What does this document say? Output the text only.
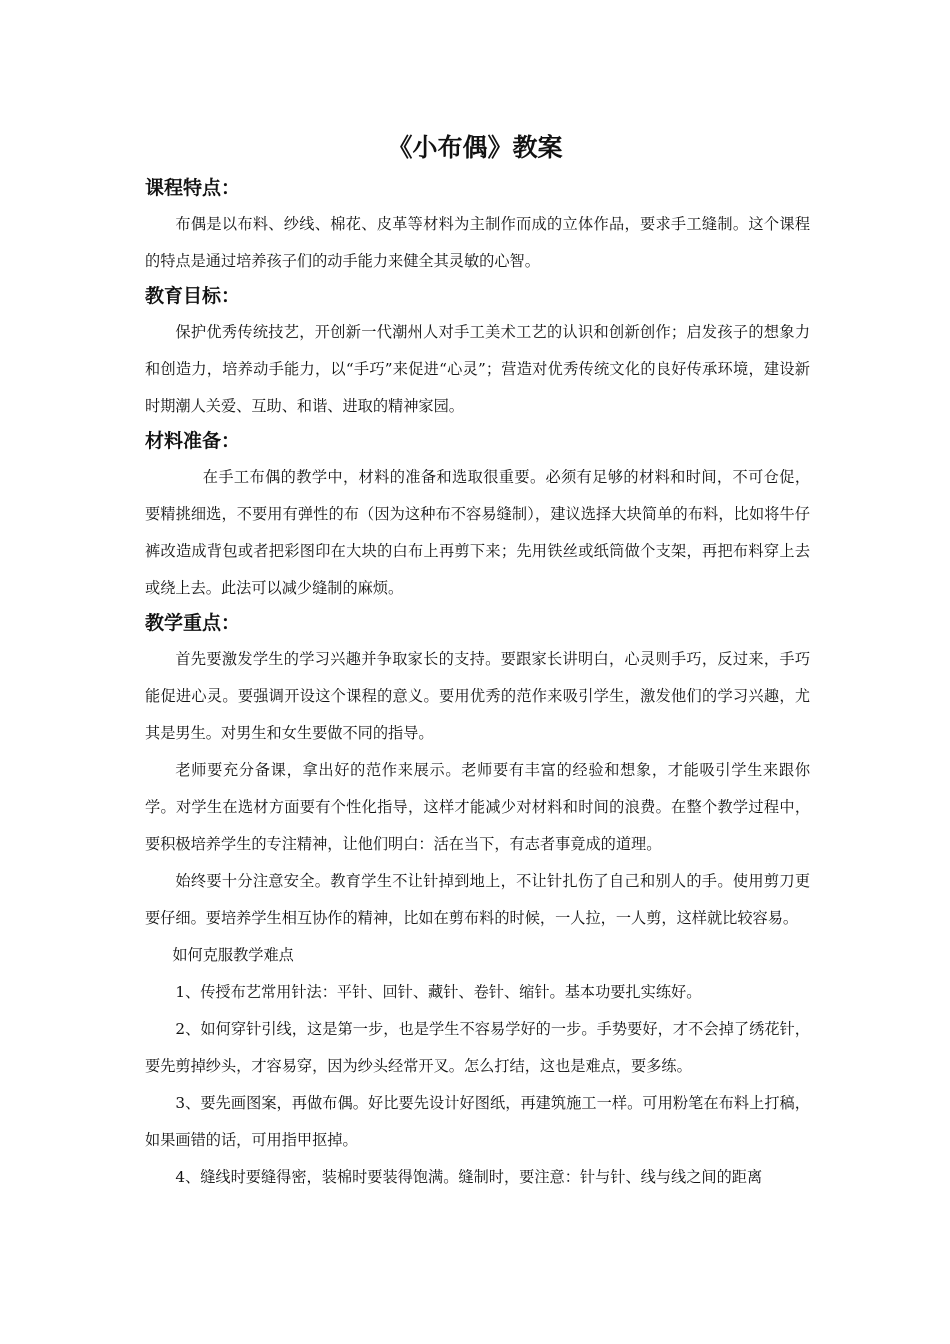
《小布偶》教案
课程特点：

布偶是以布料、纱线、棉花、皮革等材料为主制作而成的立体作品，要求手工缝制。这个课程的特点是通过培养孩子们的动手能力来健全其灵敏的心智。

教育目标：

保护优秀传统技艺，开创新一代潮州人对手工美术工艺的认识和创新创作；启发孩子的想象力和创造力，培养动手能力，以“手巧”来促进“心灵”；营造对优秀传统文化的良好传承环境，建设新时期潮人关爱、互助、和谐、进取的精神家园。

材料准备：

在手工布偶的教学中，材料的准备和选取很重要。必须有足够的材料和时间，不可仓促，要精挑细选，不要用有弹性的布（因为这种布不容易缝制），建议选择大块简单的布料，比如将牛仔裤改造成背包或者把彩图印在大块的白布上再剪下来；先用铁丝或纸筒做个支架，再把布料穿上去或绕上去。此法可以减少缝制的麻烦。

教学重点：

首先要激发学生的学习兴趣并争取家长的支持。要跟家长讲明白，心灵则手巧，反过来，手巧能促进心灵。要强调开设这个课程的意义。要用优秀的范作来吸引学生，激发他们的学习兴趣，尤其是男生。对男生和女生要做不同的指导。

老师要充分备课，拿出好的范作来展示。老师要有丰富的经验和想象，才能吸引学生来跟你学。对学生在选材方面要有个性化指导，这样才能减少对材料和时间的浪费。在整个教学过程中，要积极培养学生的专注精神，让他们明白：活在当下，有志者事竟成的道理。

始终要十分注意安全。教育学生不让针掉到地上，不让针扎伤了自己和别人的手。使用剪刀更要仔细。要培养学生相互协作的精神，比如在剪布料的时候，一人拉，一人剪，这样就比较容易。

如何克服教学难点

1、传授布艺常用针法：平针、回针、藏针、卷针、缩针。基本功要扎实练好。

2、如何穿针引线，这是第一步，也是学生不容易学好的一步。手势要好，才不会掉了绣花针，要先剪掉纱头，才容易穿，因为纱头经常开叉。怎么打结，这也是难点，要多练。

3、要先画图案，再做布偶。好比要先设计好图纸，再建筑施工一样。可用粉笔在布料上打稿，如果画错的话，可用指甲抠掉。

4、缝线时要缝得密，装棉时要装得饱满。缝制时，要注意：针与针、线与线之间的距离
